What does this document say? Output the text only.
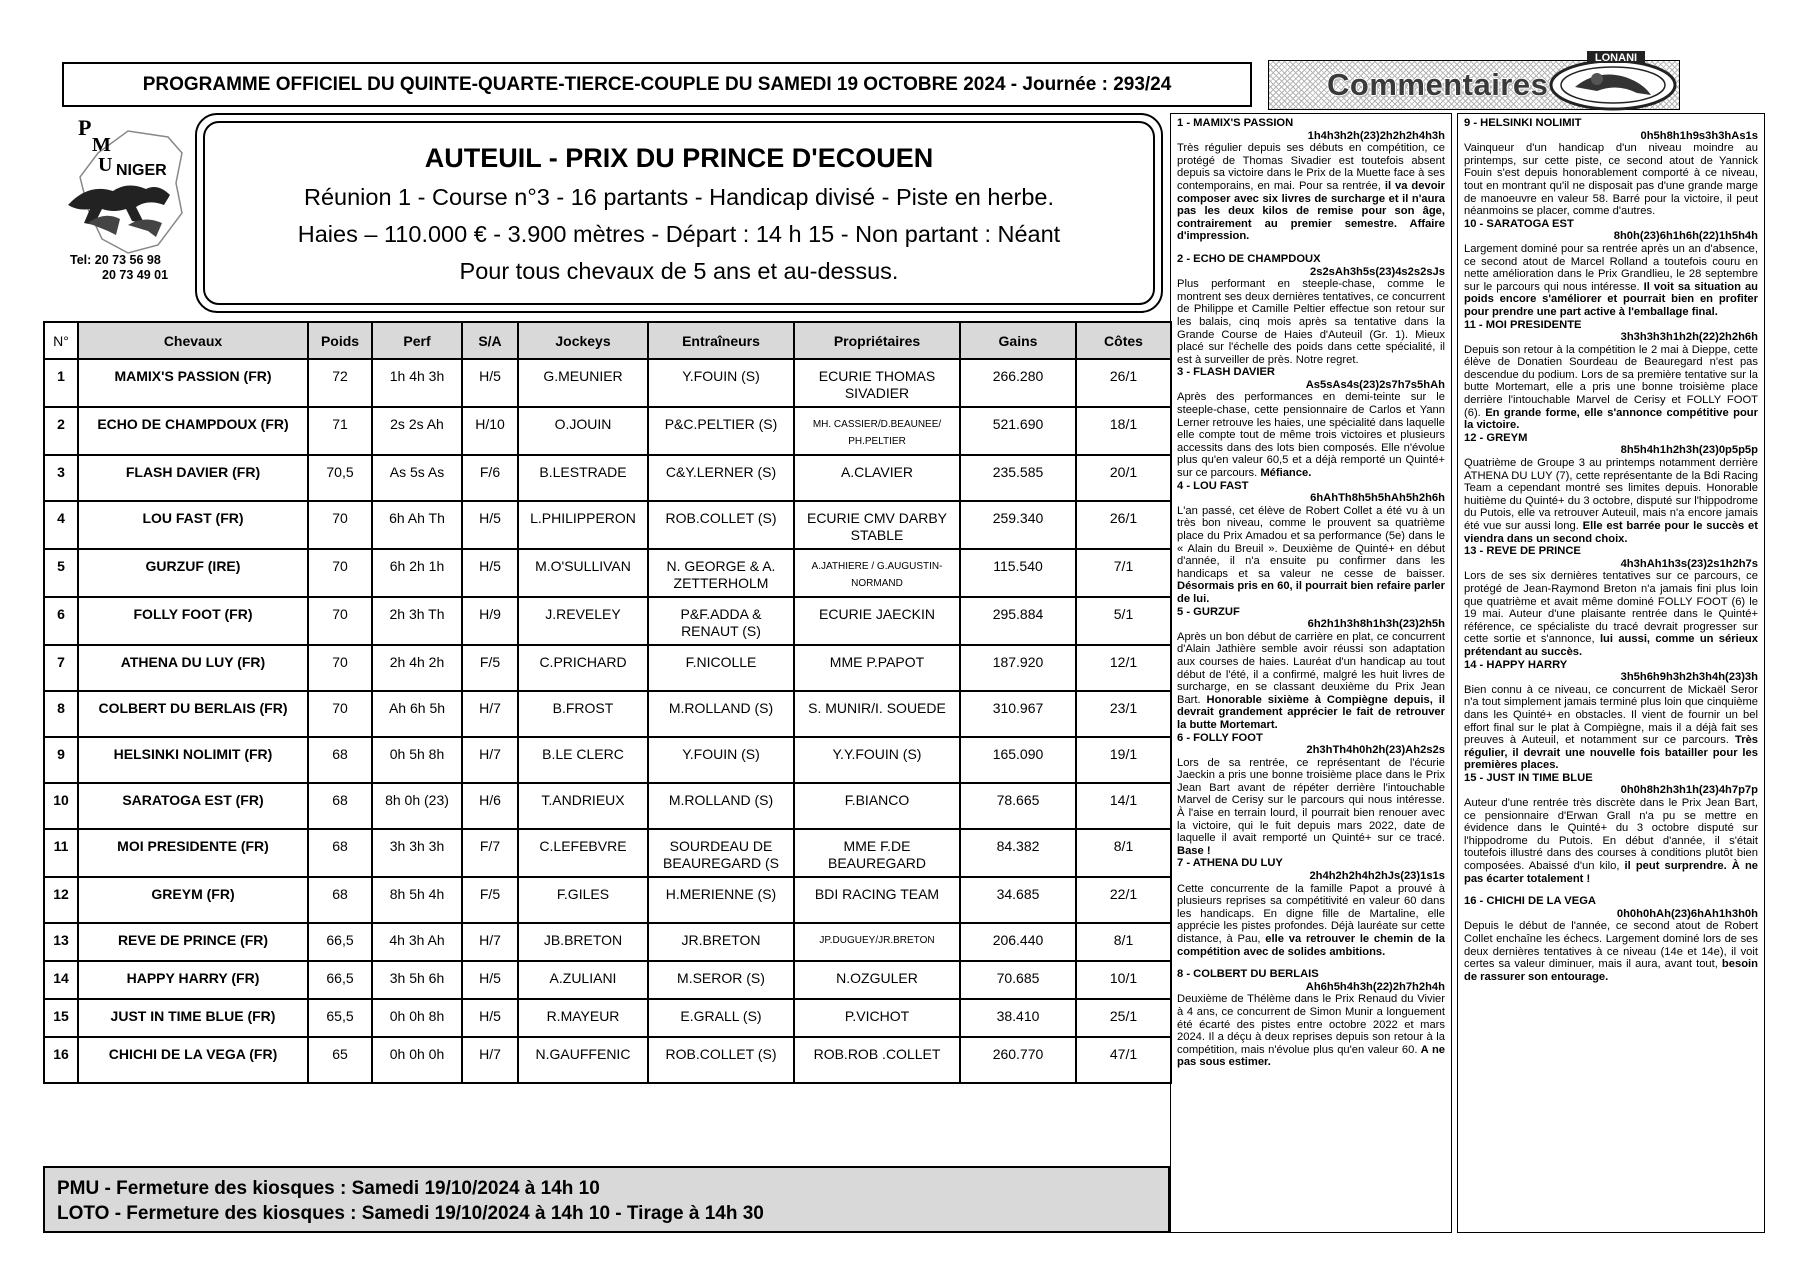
PROGRAMME OFFICIEL DU QUINTE-QUARTE-TIERCE-COUPLE DU SAMEDI 19 OCTOBRE 2024 - Journée : 293/24	Commentaires
LONANI
P
M
U NIGER
Tel: 20 73 56 98
20 73 49 01
AUTEUIL - PRIX DU PRINCE D'ECOUEN
Réunion 1 - Course n°3 - 16 partants - Handicap divisé - Piste en herbe.
Haies – 110.000 € - 3.900 mètres - Départ : 14 h 15 - Non partant : Néant
Pour tous chevaux de 5 ans et au-dessus.
N°	Chevaux	Poids	Perf	S/A	Jockeys	Entraîneurs	Propriétaires	Gains	Côtes
1	MAMIX'S PASSION (FR)	72	1h 4h 3h	H/5	G.MEUNIER	Y.FOUIN (S)	ECURIE THOMAS SIVADIER	266.280	26/1
2	ECHO DE CHAMPDOUX (FR)	71	2s 2s Ah	H/10	O.JOUIN	P&C.PELTIER (S)	MH. CASSIER/D.BEAUNEE/ PH.PELTIER	521.690	18/1
3	FLASH DAVIER (FR)	70,5	As 5s As	F/6	B.LESTRADE	C&Y.LERNER (S)	A.CLAVIER	235.585	20/1
4	LOU FAST (FR)	70	6h Ah Th	H/5	L.PHILIPPERON	ROB.COLLET (S)	ECURIE CMV DARBY STABLE	259.340	26/1
5	GURZUF (IRE)	70	6h 2h 1h	H/5	M.O'SULLIVAN	N. GEORGE & A. ZETTERHOLM	A.JATHIERE / G.AUGUSTIN-NORMAND	115.540	7/1
6	FOLLY FOOT (FR)	70	2h 3h Th	H/9	J.REVELEY	P&F.ADDA & RENAUT (S)	ECURIE JAECKIN	295.884	5/1
7	ATHENA DU LUY (FR)	70	2h 4h 2h	F/5	C.PRICHARD	F.NICOLLE	MME P.PAPOT	187.920	12/1
8	COLBERT DU BERLAIS (FR)	70	Ah 6h 5h	H/7	B.FROST	M.ROLLAND (S)	S. MUNIR/I. SOUEDE	310.967	23/1
9	HELSINKI NOLIMIT (FR)	68	0h 5h 8h	H/7	B.LE CLERC	Y.FOUIN (S)	Y.Y.FOUIN (S)	165.090	19/1
10	SARATOGA EST (FR)	68	8h 0h (23)	H/6	T.ANDRIEUX	M.ROLLAND (S)	F.BIANCO	78.665	14/1
11	MOI PRESIDENTE (FR)	68	3h 3h 3h	F/7	C.LEFEBVRE	SOURDEAU DE BEAUREGARD (S	MME F.DE BEAUREGARD	84.382	8/1
12	GREYM (FR)	68	8h 5h 4h	F/5	F.GILES	H.MERIENNE (S)	BDI RACING TEAM	34.685	22/1
13	REVE DE PRINCE (FR)	66,5	4h 3h Ah	H/7	JB.BRETON	JR.BRETON	JP.DUGUEY/JR.BRETON	206.440	8/1
14	HAPPY HARRY (FR)	66,5	3h 5h 6h	H/5	A.ZULIANI	M.SEROR (S)	N.OZGULER	70.685	10/1
15	JUST IN TIME BLUE (FR)	65,5	0h 0h 8h	H/5	R.MAYEUR	E.GRALL (S)	P.VICHOT	38.410	25/1
16	CHICHI DE LA VEGA (FR)	65	0h 0h 0h	H/7	N.GAUFFENIC	ROB.COLLET (S)	ROB.ROB .COLLET	260.770	47/1
PMU - Fermeture des kiosques : Samedi 19/10/2024 à 14h 10
LOTO - Fermeture des kiosques : Samedi 19/10/2024 à 14h 10 - Tirage à 14h 30
1 - MAMIX'S PASSION
1h4h3h2h(23)2h2h2h4h3h
Très régulier depuis ses débuts en compétition, ce protégé de Thomas Sivadier est toutefois absent depuis sa victoire dans le Prix de la Muette face à ses contemporains, en mai. Pour sa rentrée, il va devoir composer avec six livres de surcharge et il n'aura pas les deux kilos de remise pour son âge, contrairement au premier semestre. Affaire d'impression.
2 - ECHO DE CHAMPDOUX
2s2sAh3h5s(23)4s2s2sJs
Plus performant en steeple-chase, comme le montrent ses deux dernières tentatives, ce concurrent de Philippe et Camille Peltier effectue son retour sur les balais, cinq mois après sa tentative dans la Grande Course de Haies d'Auteuil (Gr. 1). Mieux placé sur l'échelle des poids dans cette spécialité, il est à surveiller de près. Notre regret.
3 - FLASH DAVIER
As5sAs4s(23)2s7h7s5hAh
Après des performances en demi-teinte sur le steeple-chase, cette pensionnaire de Carlos et Yann Lerner retrouve les haies, une spécialité dans laquelle elle compte tout de même trois victoires et plusieurs accessits dans des lots bien composés. Elle n'évolue plus qu'en valeur 60,5 et a déjà remporté un Quinté+ sur ce parcours. Méfiance.
4 - LOU FAST
6hAhTh8h5h5hAh5h2h6h
L'an passé, cet élève de Robert Collet a été vu à un très bon niveau, comme le prouvent sa quatrième place du Prix Amadou et sa performance (5e) dans le « Alain du Breuil ». Deuxième de Quinté+ en début d'année, il n'a ensuite pu confirmer dans les handicaps et sa valeur ne cesse de baisser. Désormais pris en 60, il pourrait bien refaire parler de lui.
5 - GURZUF
6h2h1h3h8h1h3h(23)2h5h
Après un bon début de carrière en plat, ce concurrent d'Alain Jathière semble avoir réussi son adaptation aux courses de haies. Lauréat d'un handicap au tout début de l'été, il a confirmé, malgré les huit livres de surcharge, en se classant deuxième du Prix Jean Bart. Honorable sixième à Compiègne depuis, il devrait grandement apprécier le fait de retrouver la butte Mortemart.
6 - FOLLY FOOT
2h3hTh4h0h2h(23)Ah2s2s
Lors de sa rentrée, ce représentant de l'écurie Jaeckin a pris une bonne troisième place dans le Prix Jean Bart avant de répéter derrière l'intouchable Marvel de Cerisy sur le parcours qui nous intéresse. À l'aise en terrain lourd, il pourrait bien renouer avec la victoire, qui le fuit depuis mars 2022, date de laquelle il avait remporté un Quinté+ sur ce tracé. Base !
7 - ATHENA DU LUY
2h4h2h2h4h2hJs(23)1s1s
Cette concurrente de la famille Papot a prouvé à plusieurs reprises sa compétitivité en valeur 60 dans les handicaps. En digne fille de Martaline, elle apprécie les pistes profondes. Déjà lauréate sur cette distance, à Pau, elle va retrouver le chemin de la compétition avec de solides ambitions.
8 - COLBERT DU BERLAIS
Ah6h5h4h3h(22)2h7h2h4h
Deuxième de Thélème dans le Prix Renaud du Vivier à 4 ans, ce concurrent de Simon Munir a longuement été écarté des pistes entre octobre 2022 et mars 2024. Il a déçu à deux reprises depuis son retour à la compétition, mais n'évolue plus qu'en valeur 60. A ne pas sous estimer.
9 - HELSINKI NOLIMIT
0h5h8h1h9s3h3hAs1s
Vainqueur d'un handicap d'un niveau moindre au printemps, sur cette piste, ce second atout de Yannick Fouin s'est depuis honorablement comporté à ce niveau, tout en montrant qu'il ne disposait pas d'une grande marge de manoeuvre en valeur 58. Barré pour la victoire, il peut néanmoins se placer, comme d'autres.
10 - SARATOGA EST
8h0h(23)6h1h6h(22)1h5h4h
Largement dominé pour sa rentrée après un an d'absence, ce second atout de Marcel Rolland a toutefois couru en nette amélioration dans le Prix Grandlieu, le 28 septembre sur le parcours qui nous intéresse. Il voit sa situation au poids encore s'améliorer et pourrait bien en profiter pour prendre une part active à l'emballage final.
11 - MOI PRESIDENTE
3h3h3h3h1h2h(22)2h2h6h
Depuis son retour à la compétition le 2 mai à Dieppe, cette élève de Donatien Sourdeau de Beauregard n'est pas descendue du podium. Lors de sa première tentative sur la butte Mortemart, elle a pris une bonne troisième place derrière l'intouchable Marvel de Cerisy et FOLLY FOOT (6). En grande forme, elle s'annonce compétitive pour la victoire.
12 - GREYM
8h5h4h1h2h3h(23)0p5p5p
Quatrième de Groupe 3 au printemps notamment derrière ATHENA DU LUY (7), cette représentante de la Bdi Racing Team a cependant montré ses limites depuis. Honorable huitième du Quinté+ du 3 octobre, disputé sur l'hippodrome du Putois, elle va retrouver Auteuil, mais n'a encore jamais été vue sur aussi long. Elle est barrée pour le succès et viendra dans un second choix.
13 - REVE DE PRINCE
4h3hAh1h3s(23)2s1h2h7s
Lors de ses six dernières tentatives sur ce parcours, ce protégé de Jean-Raymond Breton n'a jamais fini plus loin que quatrième et avait même dominé FOLLY FOOT (6) le 19 mai. Auteur d'une plaisante rentrée dans le Quinté+ référence, ce spécialiste du tracé devrait progresser sur cette sortie et s'annonce, lui aussi, comme un sérieux prétendant au succès.
14 - HAPPY HARRY
3h5h6h9h3h2h3h4h(23)3h
Bien connu à ce niveau, ce concurrent de Mickaël Seror n'a tout simplement jamais terminé plus loin que cinquième dans les Quinté+ en obstacles. Il vient de fournir un bel effort final sur le plat à Compiègne, mais il a déjà fait ses preuves à Auteuil, et notamment sur ce parcours. Très régulier, il devrait une nouvelle fois batailler pour les premières places.
15 - JUST IN TIME BLUE
0h0h8h2h3h1h(23)4h7p7p
Auteur d'une rentrée très discrète dans le Prix Jean Bart, ce pensionnaire d'Erwan Grall n'a pu se mettre en évidence dans le Quinté+ du 3 octobre disputé sur l'hippodrome du Putois. En début d'année, il s'était toutefois illustré dans des courses à conditions plutôt bien composées. Abaissé d'un kilo, il peut surprendre. À ne pas écarter totalement !
16 - CHICHI DE LA VEGA
0h0h0hAh(23)6hAh1h3h0h
Depuis le début de l'année, ce second atout de Robert Collet enchaîne les échecs. Largement dominé lors de ses deux dernières tentatives à ce niveau (14e et 14e), il voit certes sa valeur diminuer, mais il aura, avant tout, besoin de rassurer son entourage.
